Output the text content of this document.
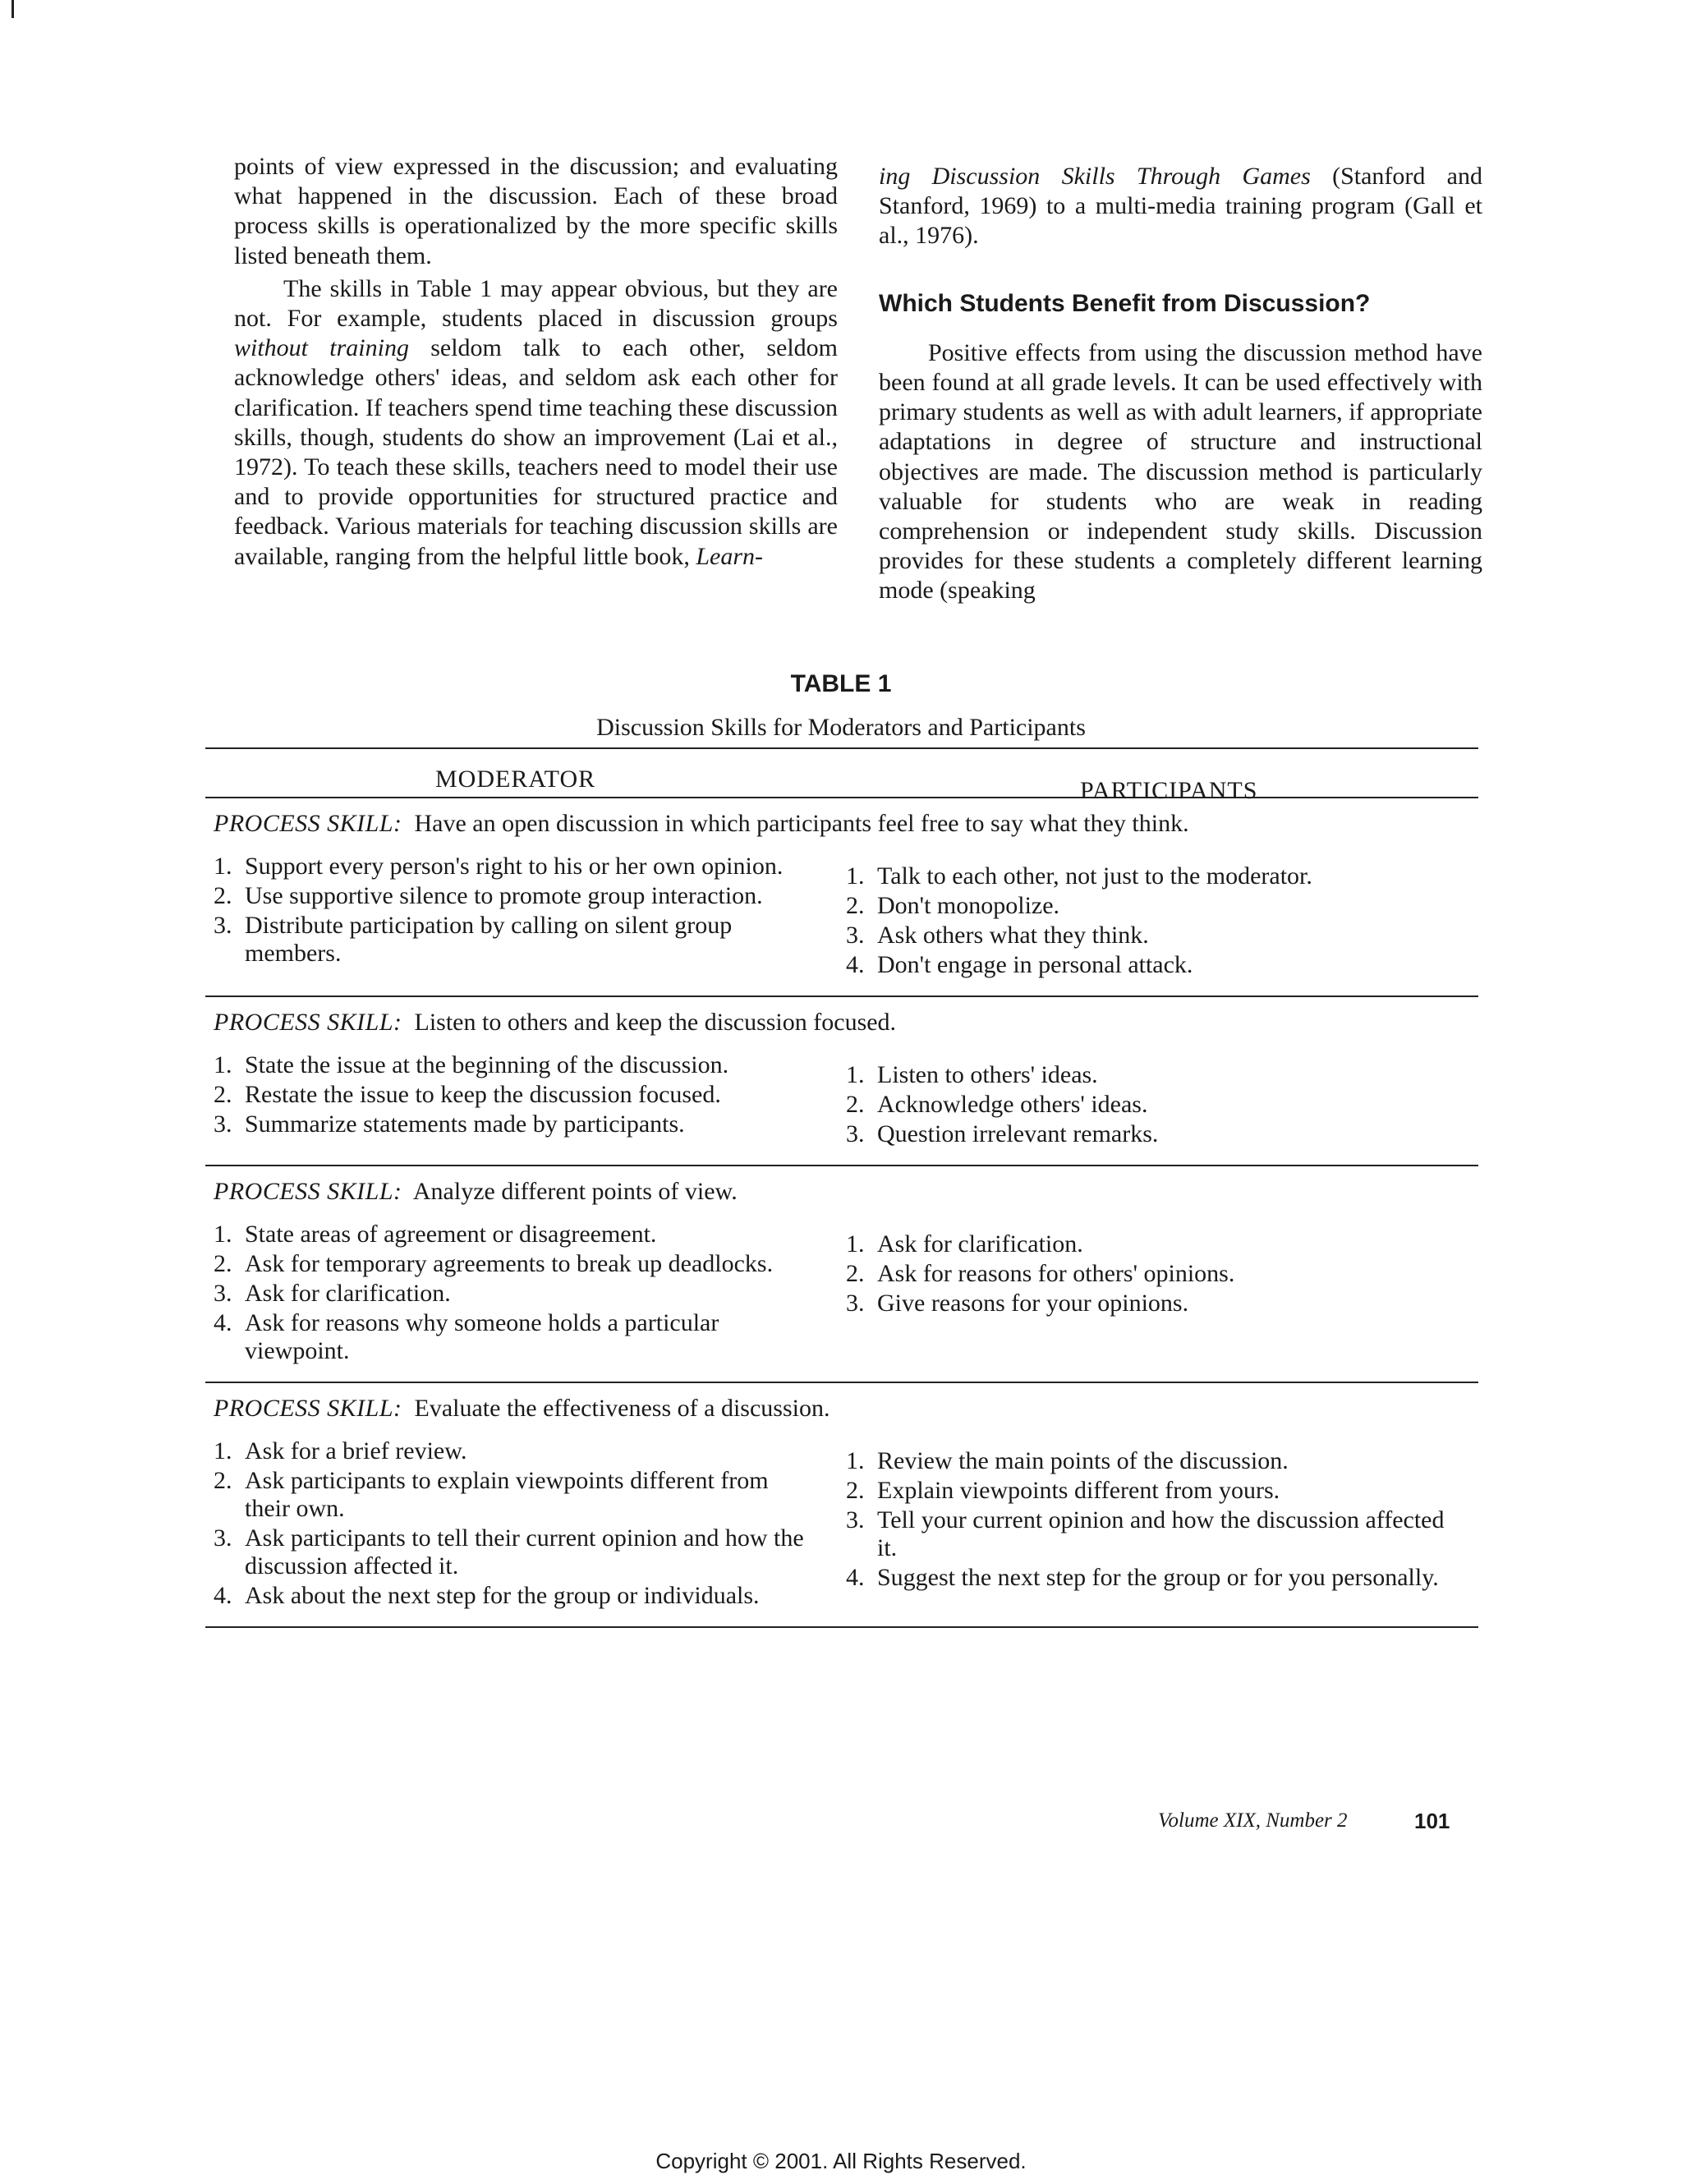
points of view expressed in the discussion; and evaluating what happened in the discussion. Each of these broad process skills is operationalized by the more specific skills listed beneath them.

The skills in Table 1 may appear obvious, but they are not. For example, students placed in discussion groups without training seldom talk to each other, seldom acknowledge others' ideas, and seldom ask each other for clarification. If teachers spend time teaching these discussion skills, though, students do show an improvement (Lai et al., 1972). To teach these skills, teachers need to model their use and to provide opportunities for structured practice and feedback. Various materials for teaching discussion skills are available, ranging from the helpful little book, Learn-

ing Discussion Skills Through Games (Stanford and Stanford, 1969) to a multi-media training program (Gall et al., 1976).

Which Students Benefit from Discussion?

Positive effects from using the discussion method have been found at all grade levels. It can be used effectively with primary students as well as with adult learners, if appropriate adaptations in degree of structure and instructional objectives are made. The discussion method is particularly valuable for students who are weak in reading comprehension or independent study skills. Discussion provides for these students a completely different learning mode (speaking

TABLE 1
Discussion Skills for Moderators and Participants
MODERATOR	PARTICIPANTS
PROCESS SKILL: Have an open discussion in which participants feel free to say what they think.
1. Support every person's right to his or her own opinion.
2. Use supportive silence to promote group interaction.
3. Distribute participation by calling on silent group members.
1. Talk to each other, not just to the moderator.
2. Don't monopolize.
3. Ask others what they think.
4. Don't engage in personal attack.
PROCESS SKILL: Listen to others and keep the discussion focused.
1. State the issue at the beginning of the discussion.
2. Restate the issue to keep the discussion focused.
3. Summarize statements made by participants.
1. Listen to others' ideas.
2. Acknowledge others' ideas.
3. Question irrelevant remarks.
PROCESS SKILL: Analyze different points of view.
1. State areas of agreement or disagreement.
2. Ask for temporary agreements to break up deadlocks.
3. Ask for clarification.
4. Ask for reasons why someone holds a particular viewpoint.
1. Ask for clarification.
2. Ask for reasons for others' opinions.
3. Give reasons for your opinions.
PROCESS SKILL: Evaluate the effectiveness of a discussion.
1. Ask for a brief review.
2. Ask participants to explain viewpoints different from their own.
3. Ask participants to tell their current opinion and how the discussion affected it.
4. Ask about the next step for the group or individuals.
1. Review the main points of the discussion.
2. Explain viewpoints different from yours.
3. Tell your current opinion and how the discussion affected it.
4. Suggest the next step for the group or for you personally.
Volume XIX, Number 2	101
Copyright © 2001. All Rights Reserved.
